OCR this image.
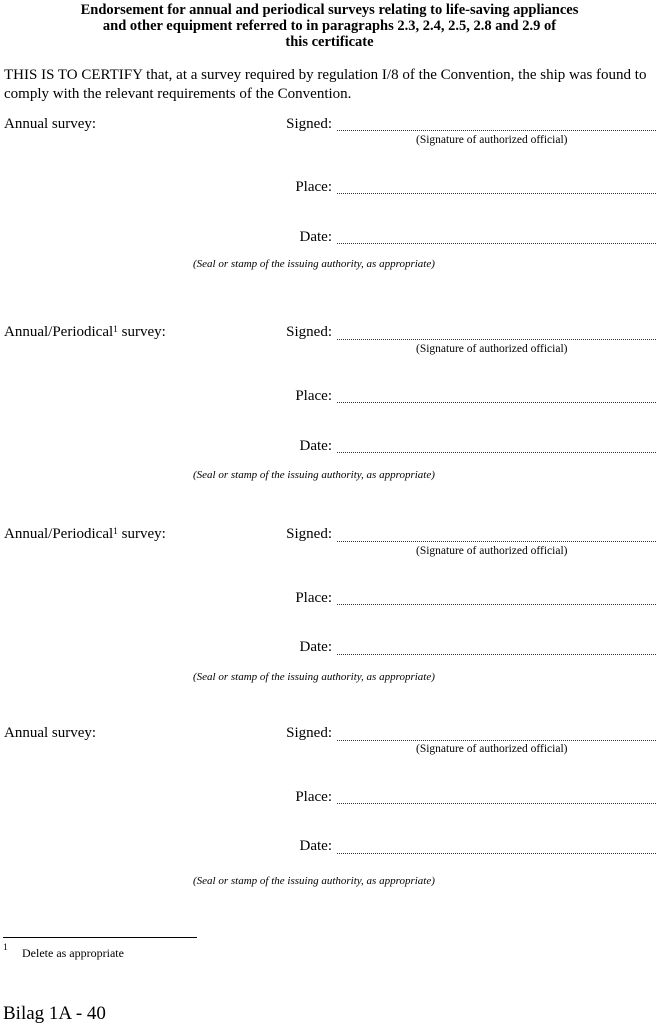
Endorsement for annual and periodical surveys relating to life-saving appliances
and other equipment referred to in paragraphs 2.3, 2.4, 2.5, 2.8 and 2.9 of
this certificate
THIS IS TO CERTIFY that, at a survey required by regulation I/8 of the Convention, the ship was found to comply with the relevant requirements of the Convention.
Annual survey:	Signed:
(Signature of authorized official)
Place:
Date:
(Seal or stamp of the issuing authority, as appropriate)
Annual/Periodical$^1$ survey:	Signed:
(Signature of authorized official)
Place:
Date:
(Seal or stamp of the issuing authority, as appropriate)
Annual/Periodical$^1$ survey:	Signed:
(Signature of authorized official)
Place:
Date:
(Seal or stamp of the issuing authority, as appropriate)
Annual survey:	Signed:
(Signature of authorized official)
Place:
Date:
(Seal or stamp of the issuing authority, as appropriate)
1 Delete as appropriate
Bilag 1A - 40
